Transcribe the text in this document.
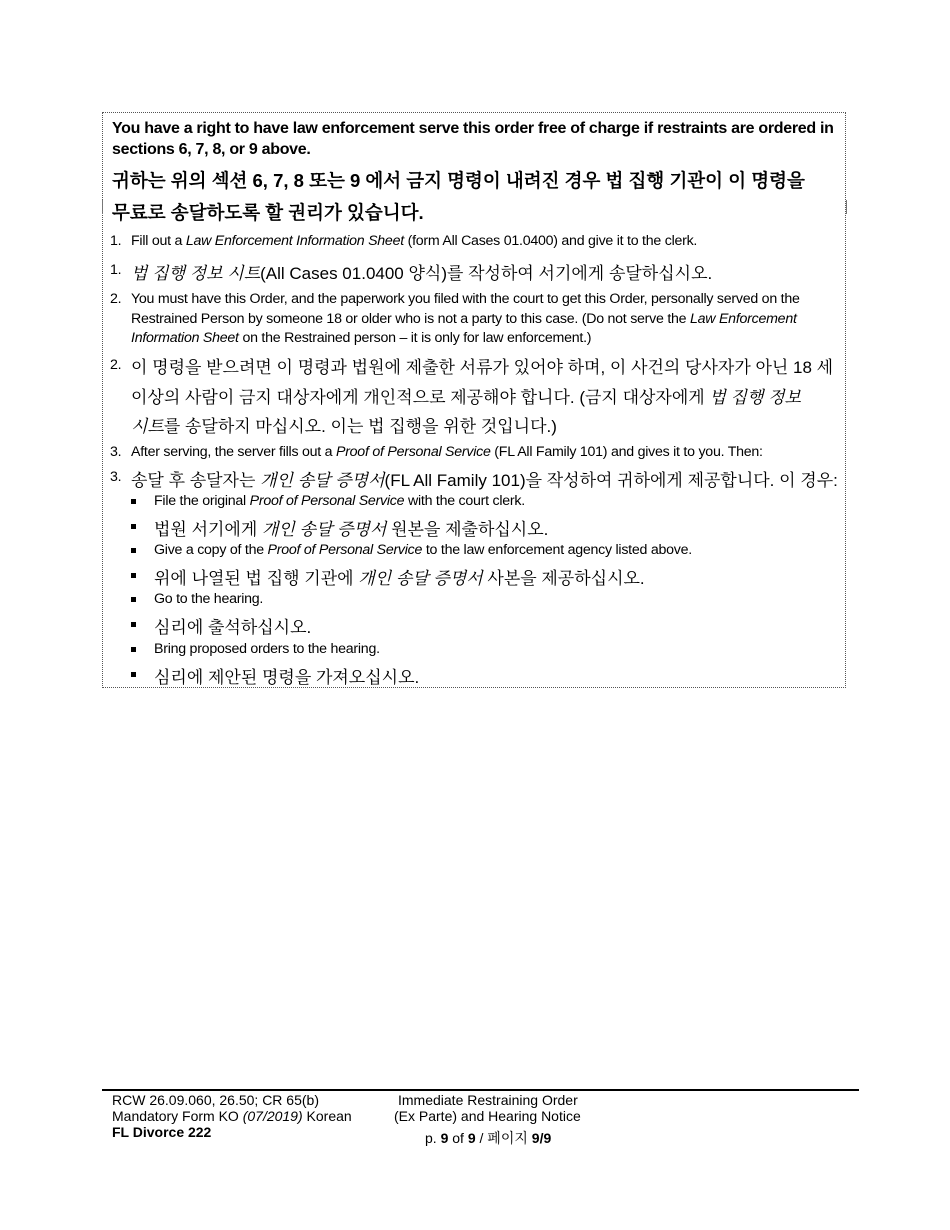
You have a right to have law enforcement serve this order free of charge if restraints are ordered in
sections 6, 7, 8, or 9 above.
귀하는 위의 섹션 6, 7, 8 또는 9 에서 금지 명령이 내려진 경우 법 집행 기관이 이 명령을
무료로 송달하도록 할 권리가 있습니다.
1. Fill out a Law Enforcement Information Sheet (form All Cases 01.0400) and give it to the clerk.
1. 법 집행 정보 시트(All Cases 01.0400 양식)를 작성하여 서기에게 송달하십시오.
2. You must have this Order, and the paperwork you filed with the court to get this Order, personally served on the
Restrained Person by someone 18 or older who is not a party to this case. (Do not serve the Law Enforcement
Information Sheet on the Restrained person – it is only for law enforcement.)
2. 이 명령을 받으려면 이 명령과 법원에 제출한 서류가 있어야 하며, 이 사건의 당사자가 아닌 18 세
이상의 사람이 금지 대상자에게 개인적으로 제공해야 합니다. (금지 대상자에게 법 집행 정보
시트를 송달하지 마십시오. 이는 법 집행을 위한 것입니다.)
3. After serving, the server fills out a Proof of Personal Service (FL All Family 101) and gives it to you. Then:
3. 송달 후 송달자는 개인 송달 증명서(FL All Family 101)을 작성하여 귀하에게 제공합니다. 이 경우:
File the original Proof of Personal Service with the court clerk.
법원 서기에게 개인 송달 증명서 원본을 제출하십시오.
Give a copy of the Proof of Personal Service to the law enforcement agency listed above.
위에 나열된 법 집행 기관에 개인 송달 증명서 사본을 제공하십시오.
Go to the hearing.
심리에 출석하십시오.
Bring proposed orders to the hearing.
심리에 제안된 명령을 가져오십시오.
RCW 26.09.060, 26.50; CR 65(b)
Mandatory Form KO (07/2019) Korean
FL Divorce 222
Immediate Restraining Order
(Ex Parte) and Hearing Notice
p. 9 of 9 / 페이지 9/9
